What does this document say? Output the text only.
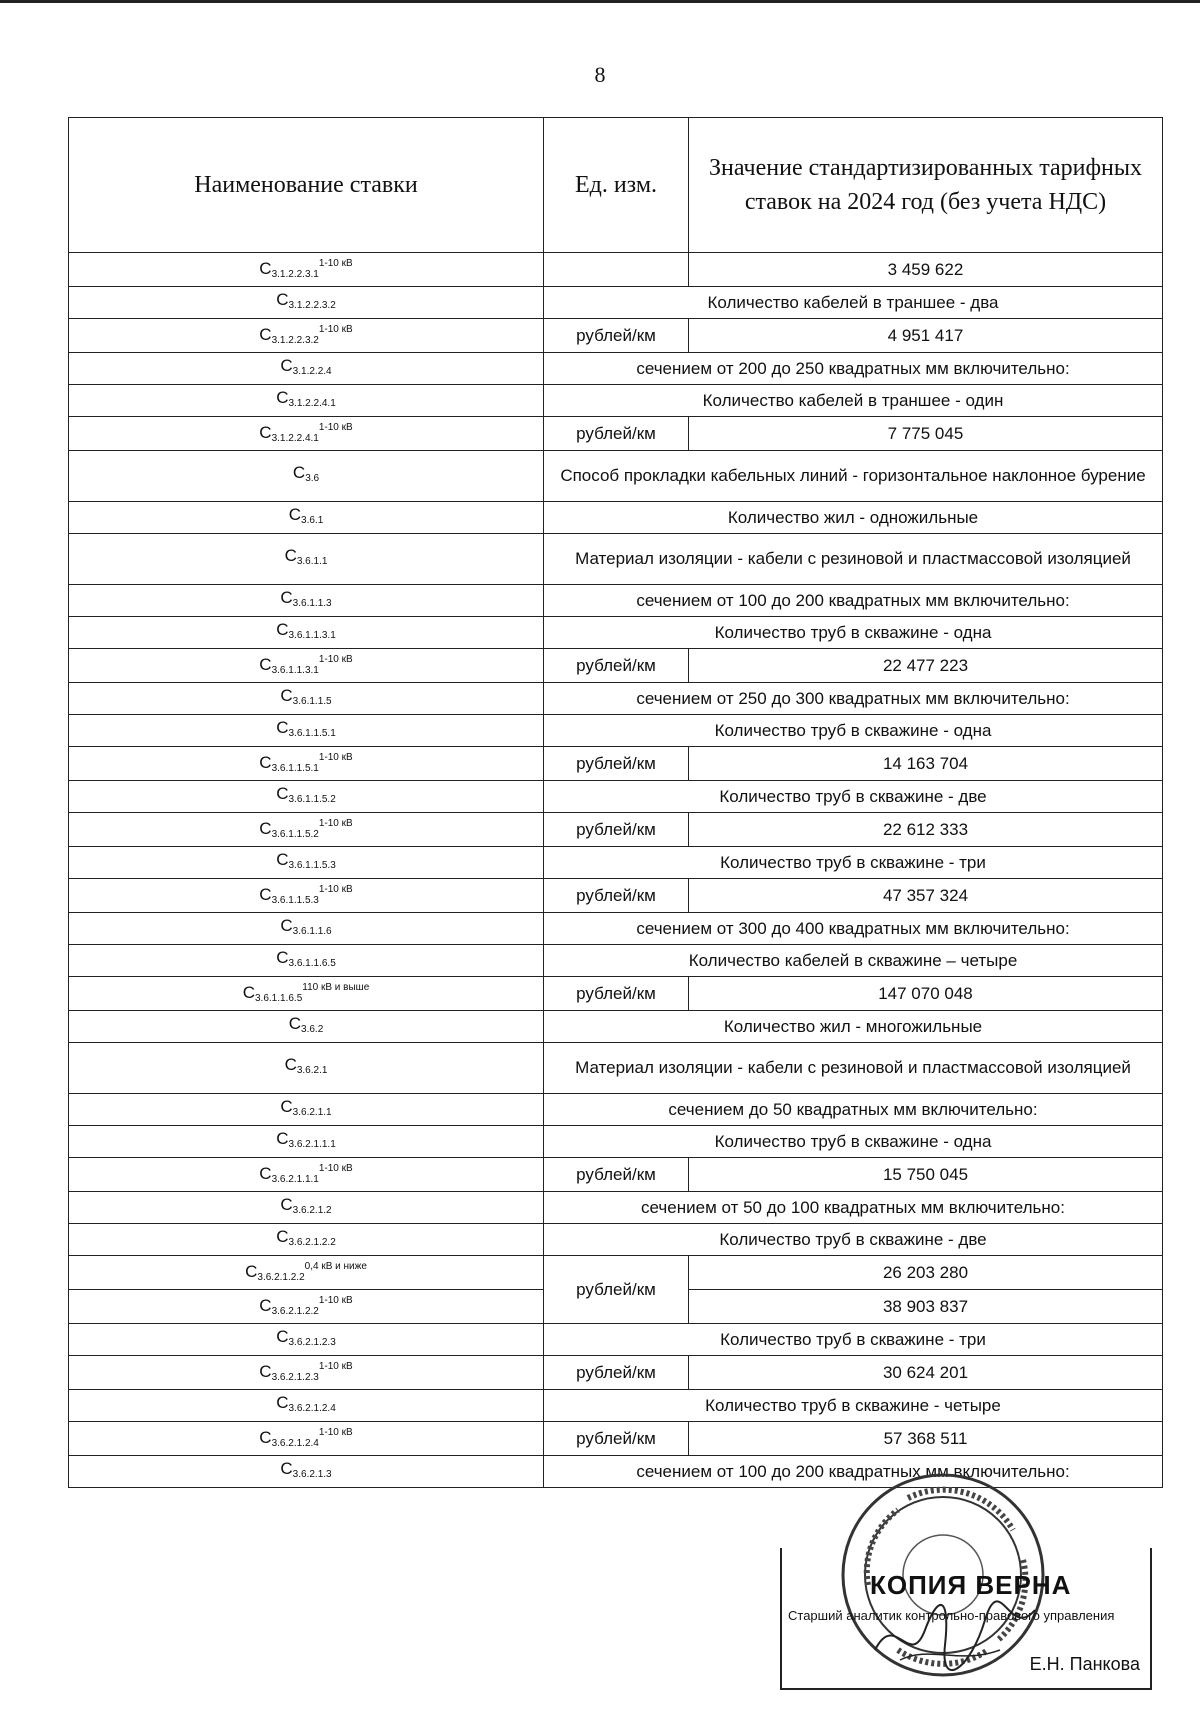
8
Наименование ставки	Ед. изм.	Значение стандартизированных тарифных ставок на 2024 год (без учета НДС)
$С_{3.1.2.2.3.1}^{1-10 кВ}$		3 459 622
$С_{3.1.2.2.3.2}$	Количество кабелей в траншее - два	
$С_{3.1.2.2.3.2}^{1-10 кВ}$	рублей/км	4 951 417
$С_{3.1.2.2.4}$	сечением от 200 до 250 квадратных мм включительно:	
$С_{3.1.2.2.4.1}$	Количество кабелей в траншее - один	
$С_{3.1.2.2.4.1}^{1-10 кВ}$	рублей/км	7 775 045
$С_{3.6}$	Способ прокладки кабельных линий - горизонтальное наклонное бурение	
$С_{3.6.1}$	Количество жил - одножильные	
$С_{3.6.1.1}$	Материал изоляции - кабели с резиновой и пластмассовой изоляцией	
$С_{3.6.1.1.3}$	сечением от 100 до 200 квадратных мм включительно:	
$С_{3.6.1.1.3.1}$	Количество труб в скважине - одна	
$С_{3.6.1.1.3.1}^{1-10 кВ}$	рублей/км	22 477 223
$С_{3.6.1.1.5}$	сечением от 250 до 300 квадратных мм включительно:	
$С_{3.6.1.1.5.1}$	Количество труб в скважине - одна	
$С_{3.6.1.1.5.1}^{1-10 кВ}$	рублей/км	14 163 704
$С_{3.6.1.1.5.2}$	Количество труб в скважине - две	
$С_{3.6.1.1.5.2}^{1-10 кВ}$	рублей/км	22 612 333
$С_{3.6.1.1.5.3}$	Количество труб в скважине - три	
$С_{3.6.1.1.5.3}^{1-10 кВ}$	рублей/км	47 357 324
$С_{3.6.1.1.6}$	сечением от 300 до 400 квадратных мм включительно:	
$С_{3.6.1.1.6.5}$	Количество кабелей в скважине – четыре	
$С_{3.6.1.1.6.5}^{110 кВ и выше}$	рублей/км	147 070 048
$С_{3.6.2}$	Количество жил - многожильные	
$С_{3.6.2.1}$	Материал изоляции - кабели с резиновой и пластмассовой изоляцией	
$С_{3.6.2.1.1}$	сечением до 50 квадратных мм включительно:	
$С_{3.6.2.1.1.1}$	Количество труб в скважине - одна	
$С_{3.6.2.1.1.1}^{1-10 кВ}$	рублей/км	15 750 045
$С_{3.6.2.1.2}$	сечением от 50 до 100 квадратных мм включительно:	
$С_{3.6.2.1.2.2}$	Количество труб в скважине - две	
$С_{3.6.2.1.2.2}^{0,4 кВ и ниже}$	рублей/км	26 203 280
$С_{3.6.2.1.2.2}^{1-10 кВ}$		38 903 837
$С_{3.6.2.1.2.3}$	Количество труб в скважине - три	
$С_{3.6.2.1.2.3}^{1-10 кВ}$	рублей/км	30 624 201
$С_{3.6.2.1.2.4}$	Количество труб в скважине - четыре	
$С_{3.6.2.1.2.4}^{1-10 кВ}$	рублей/км	57 368 511
$С_{3.6.2.1.3}$	сечением от 100 до 200 квадратных мм включительно:	
КОПИЯ ВЕРНА
Старший аналитик контрольно-правового управления
Е.Н. Панкова
